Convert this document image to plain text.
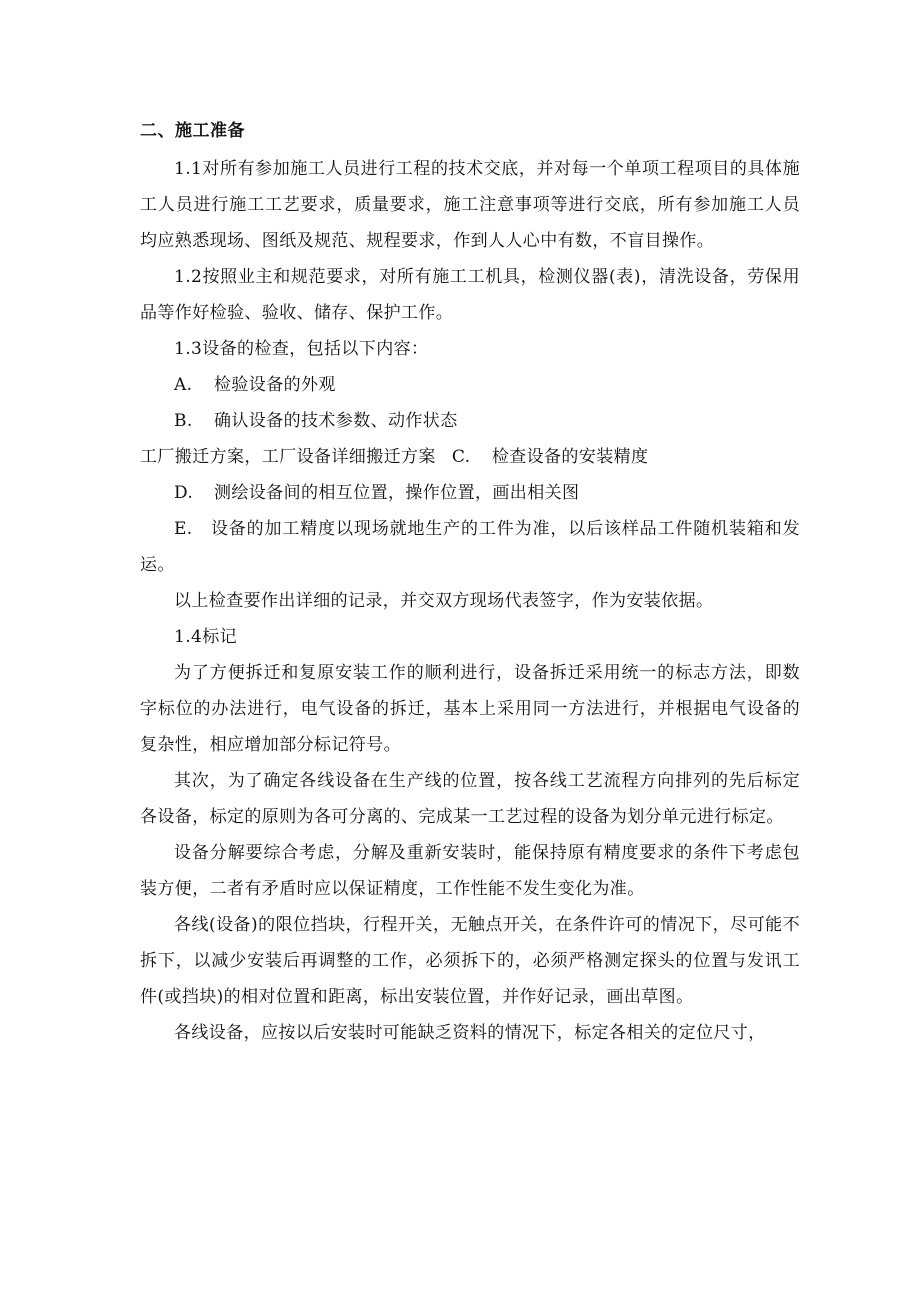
二、施工准备

1.1对所有参加施工人员进行工程的技术交底，并对每一个单项工程项目的具体施工人员进行施工工艺要求，质量要求，施工注意事项等进行交底，所有参加施工人员均应熟悉现场、图纸及规范、规程要求，作到人人心中有数，不盲目操作。

1.2按照业主和规范要求，对所有施工工机具，检测仪器(表)，清洗设备，劳保用品等作好检验、验收、储存、保护工作。

1.3设备的检查，包括以下内容：

A. 检验设备的外观
B. 确认设备的技术参数、动作状态
工厂搬迁方案，工厂设备详细搬迁方案 C. 检查设备的安装精度
D. 测绘设备间的相互位置，操作位置，画出相关图

E.　设备的加工精度以现场就地生产的工件为准，以后该样品工件随机装箱和发运。

以上检查要作出详细的记录，并交双方现场代表签字，作为安装依据。

1.4标记

为了方便拆迁和复原安装工作的顺利进行，设备拆迁采用统一的标志方法，即数字标位的办法进行，电气设备的拆迁，基本上采用同一方法进行，并根据电气设备的复杂性，相应增加部分标记符号。

其次，为了确定各线设备在生产线的位置，按各线工艺流程方向排列的先后标定各设备，标定的原则为各可分离的、完成某一工艺过程的设备为划分单元进行标定。

设备分解要综合考虑，分解及重新安装时，能保持原有精度要求的条件下考虑包装方便，二者有矛盾时应以保证精度，工作性能不发生变化为准。

各线(设备)的限位挡块，行程开关，无触点开关，在条件许可的情况下，尽可能不拆下，以减少安装后再调整的工作，必须拆下的，必须严格测定探头的位置与发讯工件(或挡块)的相对位置和距离，标出安装位置，并作好记录，画出草图。

各线设备，应按以后安装时可能缺乏资料的情况下，标定各相关的定位尺寸，
